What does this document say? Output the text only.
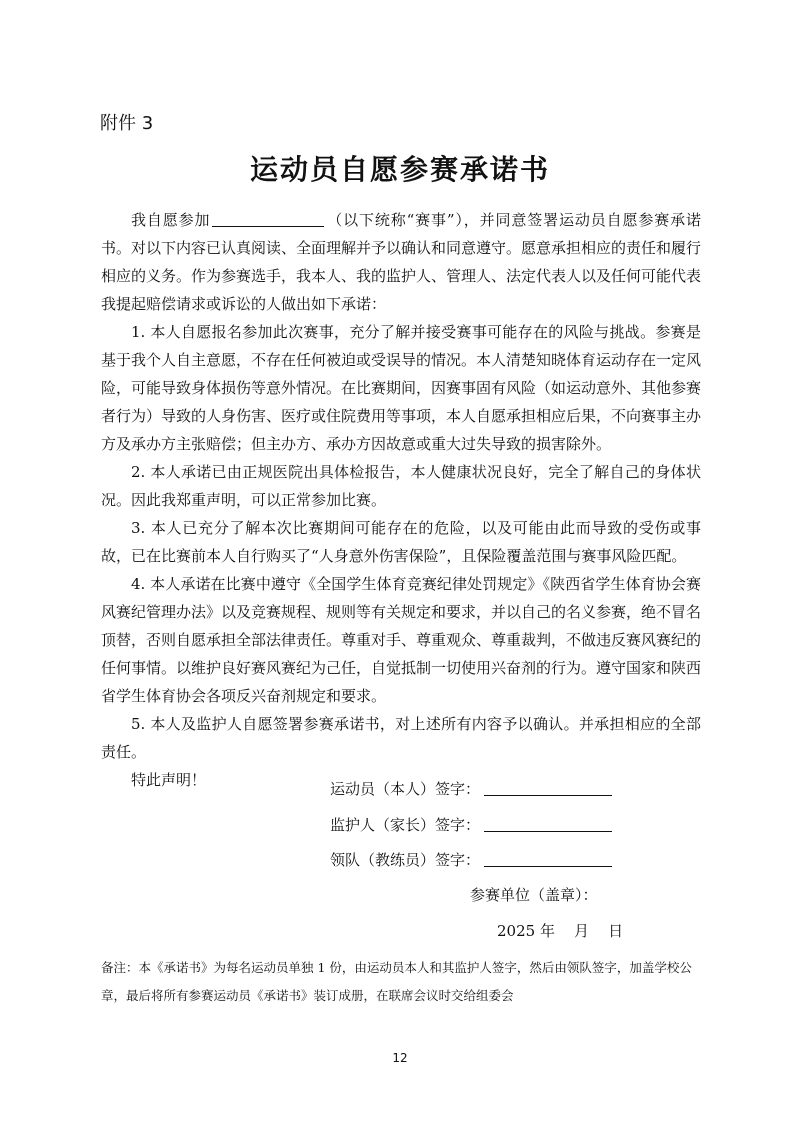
附件 3
运动员自愿参赛承诺书

我自愿参加	（以下统称“赛事”），并同意签署运动员自愿参赛承诺书。对以下内容已认真阅读、全面理解并予以确认和同意遵守。愿意承担相应的责任和履行相应的义务。作为参赛选手，我本人、我的监护人、管理人、法定代表人以及任何可能代表我提起赔偿请求或诉讼的人做出如下承诺：

1. 本人自愿报名参加此次赛事，充分了解并接受赛事可能存在的风险与挑战。参赛是基于我个人自主意愿，不存在任何被迫或受误导的情况。本人清楚知晓体育运动存在一定风险，可能导致身体损伤等意外情况。在比赛期间，因赛事固有风险（如运动意外、其他参赛者行为）导致的人身伤害、医疗或住院费用等事项，本人自愿承担相应后果，不向赛事主办方及承办方主张赔偿；但主办方、承办方因故意或重大过失导致的损害除外。

2. 本人承诺已由正规医院出具体检报告，本人健康状况良好，完全了解自己的身体状况。因此我郑重声明，可以正常参加比赛。

3. 本人已充分了解本次比赛期间可能存在的危险，以及可能由此而导致的受伤或事故，已在比赛前本人自行购买了“人身意外伤害保险”，且保险覆盖范围与赛事风险匹配。

4. 本人承诺在比赛中遵守《全国学生体育竞赛纪律处罚规定》《陕西省学生体育协会赛风赛纪管理办法》以及竞赛规程、规则等有关规定和要求，并以自己的名义参赛，绝不冒名顶替，否则自愿承担全部法律责任。尊重对手、尊重观众、尊重裁判，不做违反赛风赛纪的任何事情。以维护良好赛风赛纪为己任，自觉抵制一切使用兴奋剂的行为。遵守国家和陕西省学生体育协会各项反兴奋剂规定和要求。

5. 本人及监护人自愿签署参赛承诺书，对上述所有内容予以确认。并承担相应的全部责任。

特此声明！	运动员（本人）签字：
监护人（家长）签字：
领队（教练员）签字：
参赛单位（盖章）：
2025 年    月    日
备注：本《承诺书》为每名运动员单独 1 份，由运动员本人和其监护人签字，然后由领队签字，加盖学校公章，最后将所有参赛运动员《承诺书》装订成册，在联席会议时交给组委会
12
